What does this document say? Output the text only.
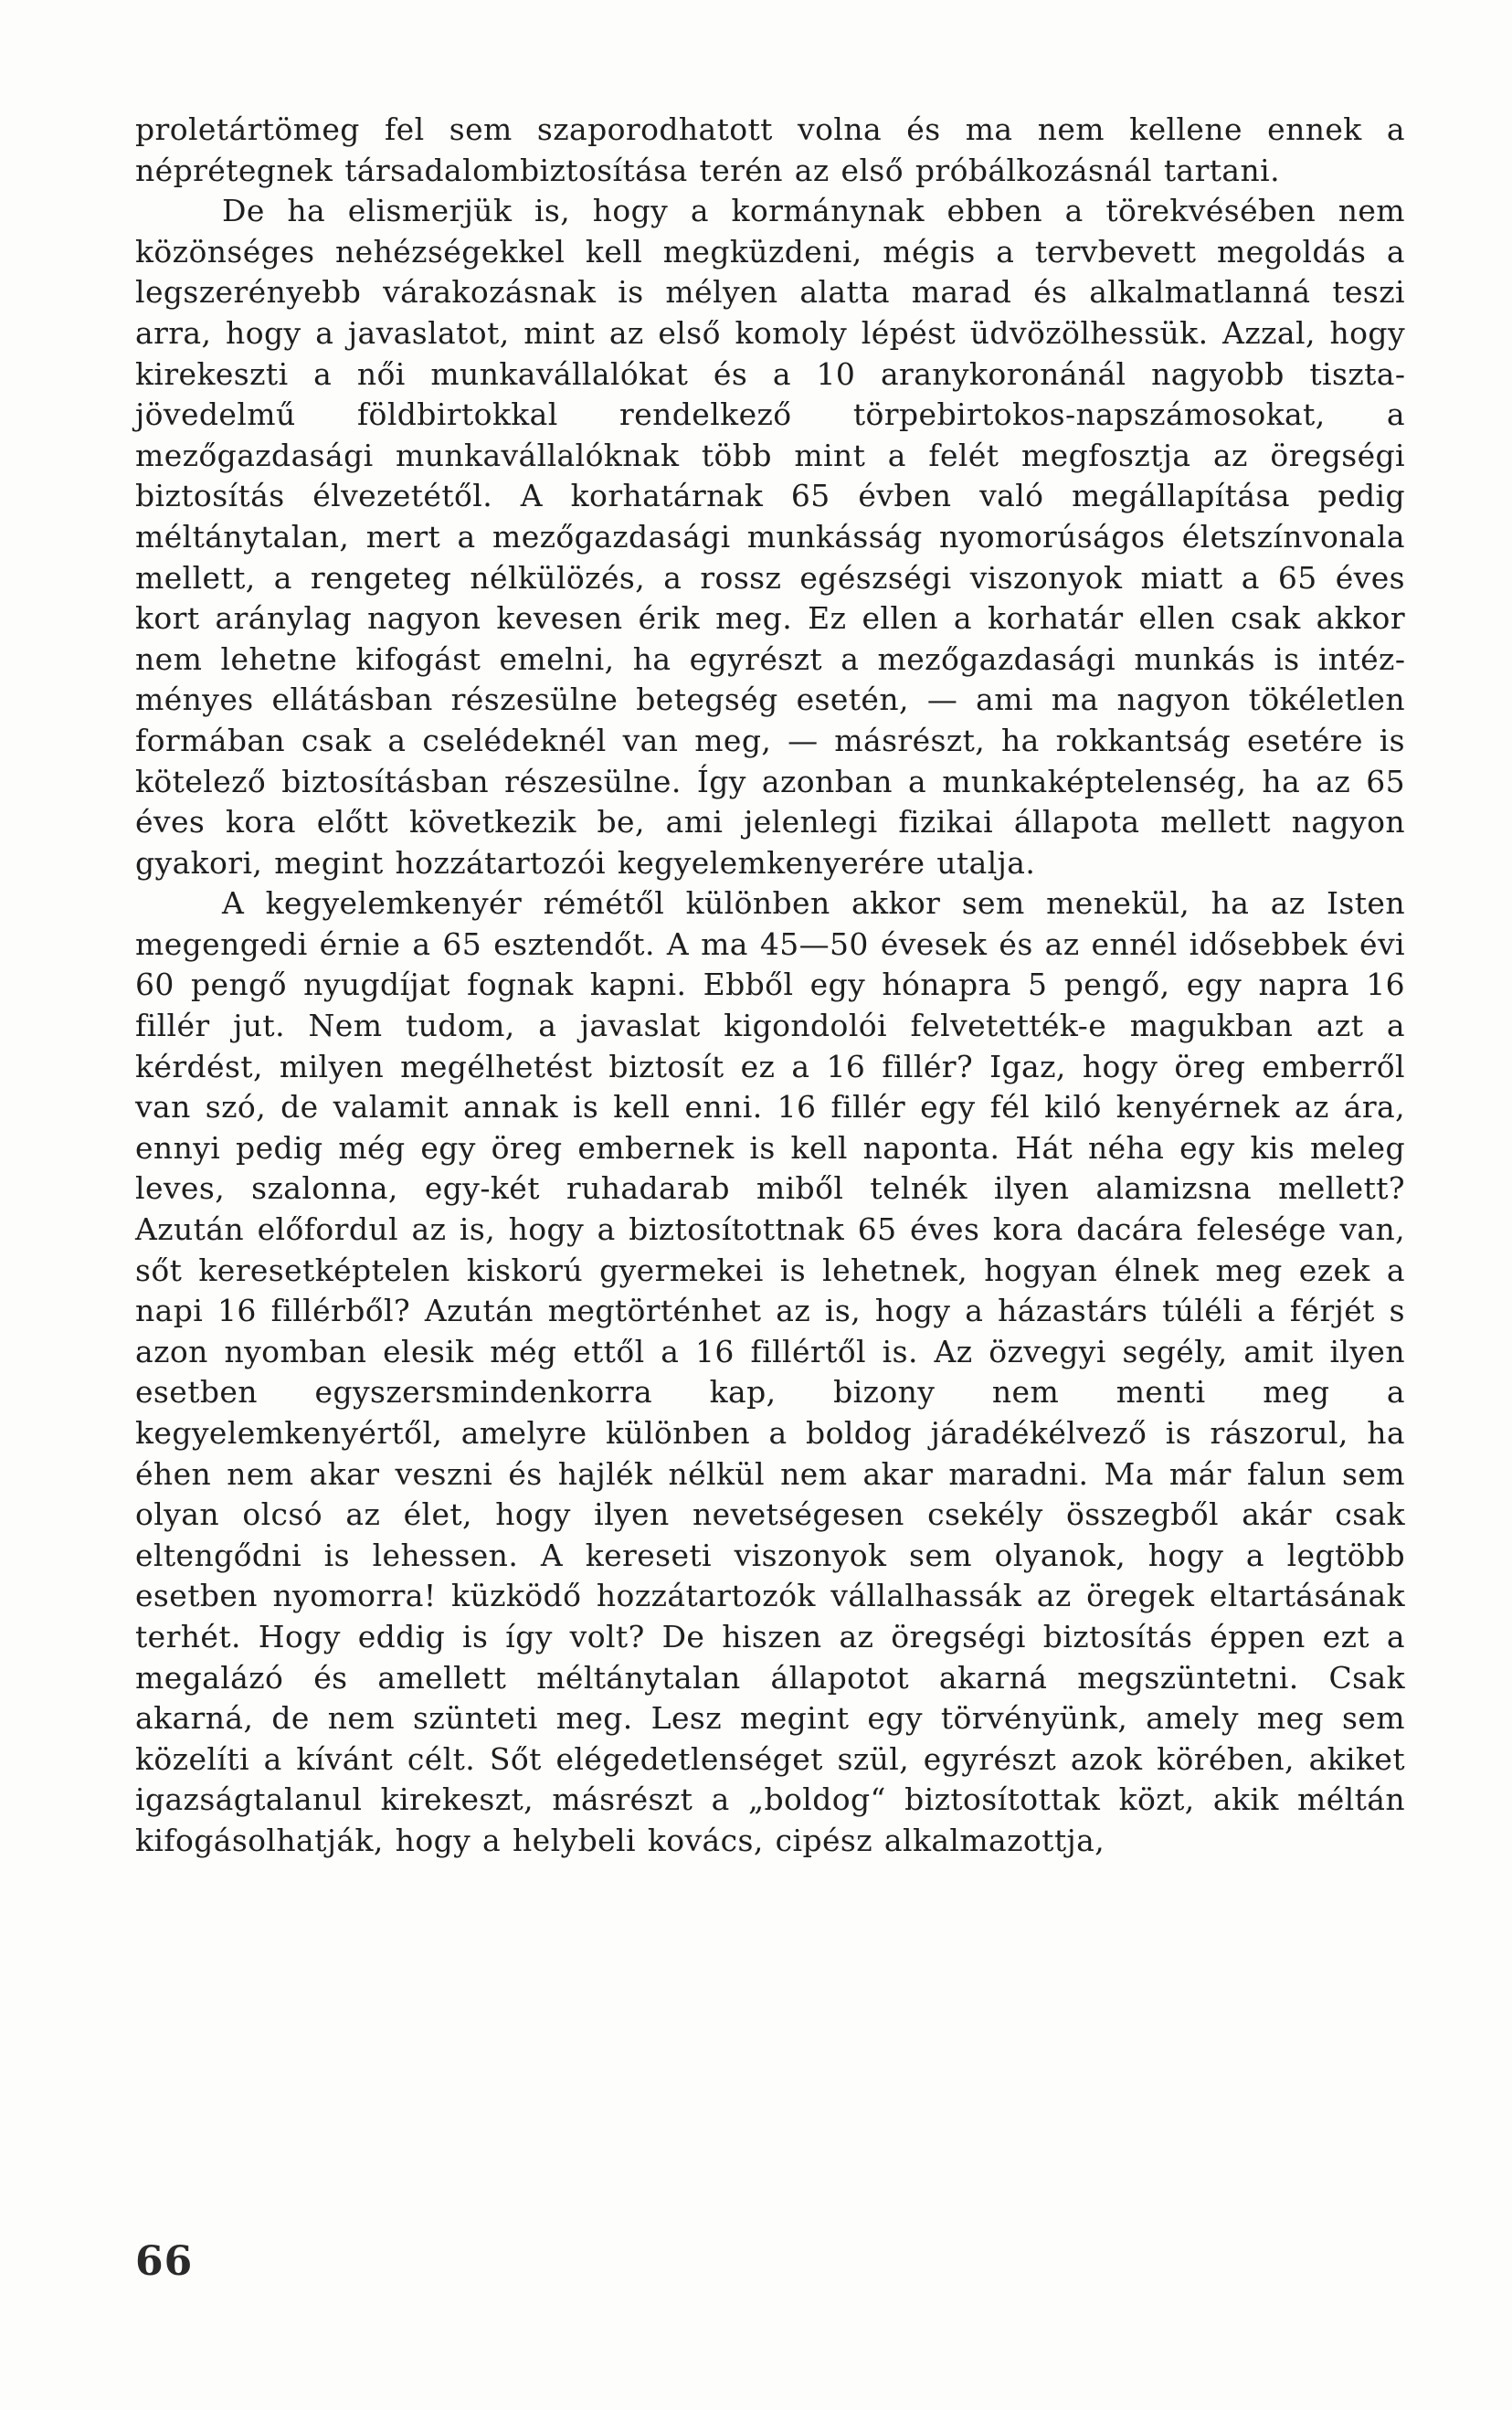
proletártömeg fel sem szaporodhatott volna és ma nem kellene ennek a néprétegnek társadalombiztosítása terén az első próbálkozásnál tartani.

De ha elismerjük is, hogy a kormánynak ebben a törekvésében nem közönséges nehézségekkel kell megküzdeni, mégis a tervbevett megoldás a legszerényebb várakozásnak is mélyen alatta marad és alkalmatlanná teszi arra, hogy a javaslatot, mint az első komoly lépést üdvözölhessük. Azzal, hogy kirekeszti a női munkavállalókat és a 10 aranykoronánál nagyobb tisztajövedelmű földbirtokkal rendelkező törpebirtokos-napszámosokat, a mezőgazdasági munkavállalóknak több mint a felét megfosztja az öregségi biztosítás élvezetétől. A korhatárnak 65 évben való megállapítása pedig méltánytalan, mert a mezőgazdasági munkásság nyomorúságos életszínvonala mellett, a rengeteg nélkülözés, a rossz egészségi viszonyok miatt a 65 éves kort aránylag nagyon kevesen érik meg. Ez ellen a korhatár ellen csak akkor nem lehetne kifogást emelni, ha egyrészt a mezőgazdasági munkás is intézményes ellátásban részesülne betegség esetén, — ami ma nagyon tökéletlen formában csak a cselédeknél van meg, — másrészt, ha rokkantság esetére is kötelező biztosításban részesülne. Így azonban a munkaképtelenség, ha az 65 éves kora előtt következik be, ami jelenlegi fizikai állapota mellett nagyon gyakori, megint hozzátartozói kegyelemkenyerére utalja.

A kegyelemkenyér rémétől különben akkor sem menekül, ha az Isten megengedi érnie a 65 esztendőt. A ma 45—50 évesek és az ennél idősebbek évi 60 pengő nyugdíjat fognak kapni. Ebből egy hónapra 5 pengő, egy napra 16 fillér jut. Nem tudom, a javaslat kigondolói felvetették-e magukban azt a kérdést, milyen megélhetést biztosít ez a 16 fillér? Igaz, hogy öreg emberről van szó, de valamit annak is kell enni. 16 fillér egy fél kiló kenyérnek az ára, ennyi pedig még egy öreg embernek is kell naponta. Hát néha egy kis meleg leves, szalonna, egy-két ruhadarab miből telnék ilyen alamizsna mellett? Azután előfordul az is, hogy a biztosítottnak 65 éves kora dacára felesége van, sőt keresetképtelen kiskorú gyermekei is lehetnek, hogyan élnek meg ezek a napi 16 fillérből? Azután megtörténhet az is, hogy a házastárs túléli a férjét s azon nyomban elesik még ettől a 16 fillértől is. Az özvegyi segély, amit ilyen esetben egyszersmindenkorra kap, bizony nem menti meg a kegyelemkenyértől, amelyre különben a boldog járadékélvező is rászorul, ha éhen nem akar veszni és hajlék nélkül nem akar maradni. Ma már falun sem olyan olcsó az élet, hogy ilyen nevetségesen csekély összegből akár csak eltengődni is lehessen. A kereseti viszonyok sem olyanok, hogy a legtöbb esetben nyomorra! küzködő hozzátartozók vállalhassák az öregek eltartásának terhét. Hogy eddig is így volt? De hiszen az öregségi biztosítás éppen ezt a megalázó és amellett méltánytalan állapotot akarná megszüntetni. Csak akarná, de nem szünteti meg. Lesz megint egy törvényünk, amely meg sem közelíti a kívánt célt. Sőt elégedetlenséget szül, egyrészt azok körében, akiket igazságtalanul kirekeszt, másrészt a „boldog“ biztosítottak közt, akik méltán kifogásolhatják, hogy a helybeli kovács, cipész alkalmazottja,

66
